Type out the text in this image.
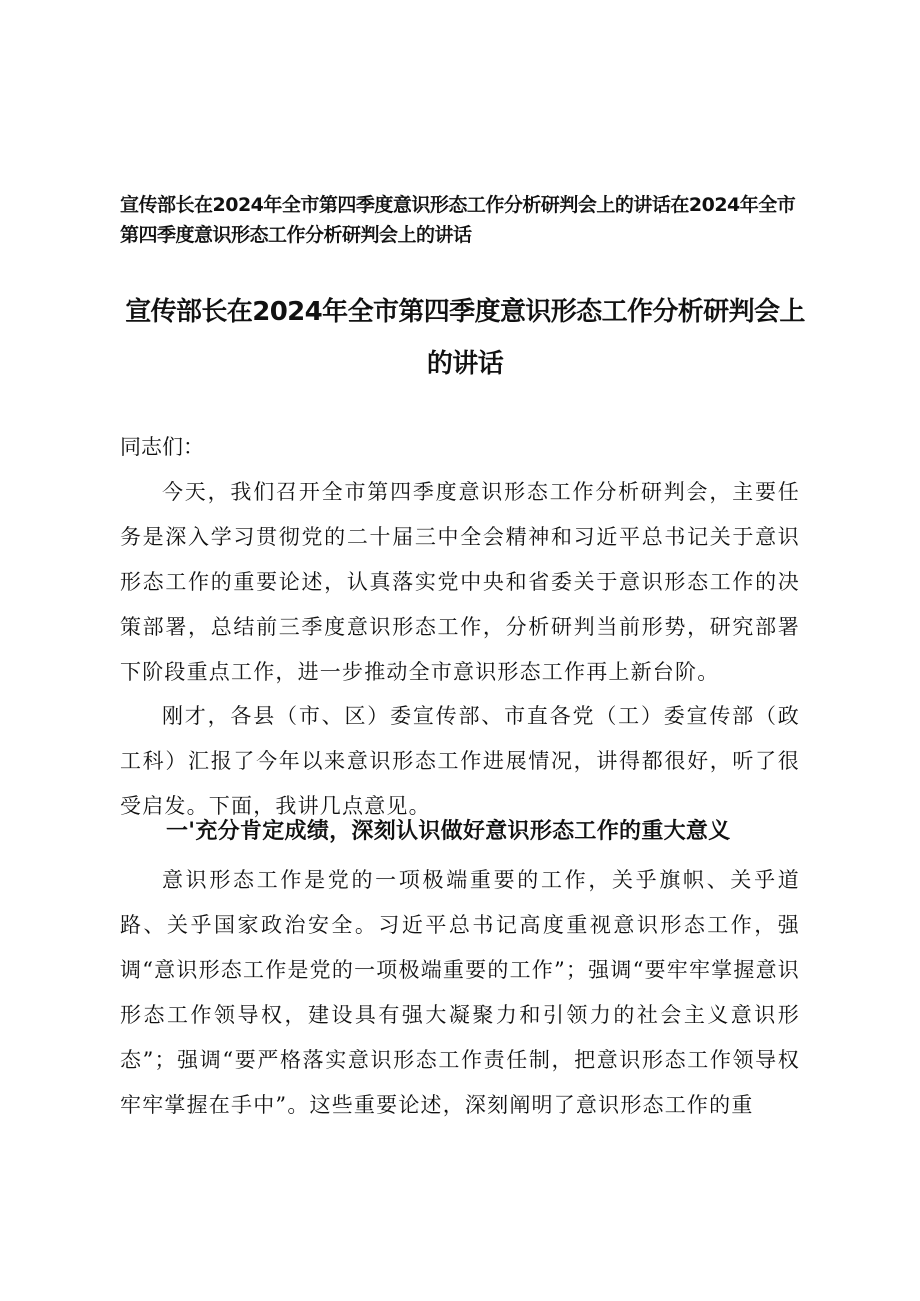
宣传部长在2024年全市第四季度意识形态工作分析研判会上的讲话在2024年全市第四季度意识形态工作分析研判会上的讲话
宣传部长在2024年全市第四季度意识形态工作分析研判会上的讲话
同志们：
今天，我们召开全市第四季度意识形态工作分析研判会，主要任务是深入学习贯彻党的二十届三中全会精神和习近平总书记关于意识形态工作的重要论述，认真落实党中央和省委关于意识形态工作的决策部署，总结前三季度意识形态工作，分析研判当前形势，研究部署下阶段重点工作，进一步推动全市意识形态工作再上新台阶。
刚才，各县（市、区）委宣传部、市直各党（工）委宣传部（政工科）汇报了今年以来意识形态工作进展情况，讲得都很好，听了很受启发。下面，我讲几点意见。
一'充分肯定成绩，深刻认识做好意识形态工作的重大意义
意识形态工作是党的一项极端重要的工作，关乎旗帜、关乎道路、关乎国家政治安全。习近平总书记高度重视意识形态工作，强调“意识形态工作是党的一项极端重要的工作”；强调“要牢牢掌握意识形态工作领导权，建设具有强大凝聚力和引领力的社会主义意识形态”；强调“要严格落实意识形态工作责任制，把意识形态工作领导权牢牢掌握在手中”。这些重要论述，深刻阐明了意识形态工作的重
